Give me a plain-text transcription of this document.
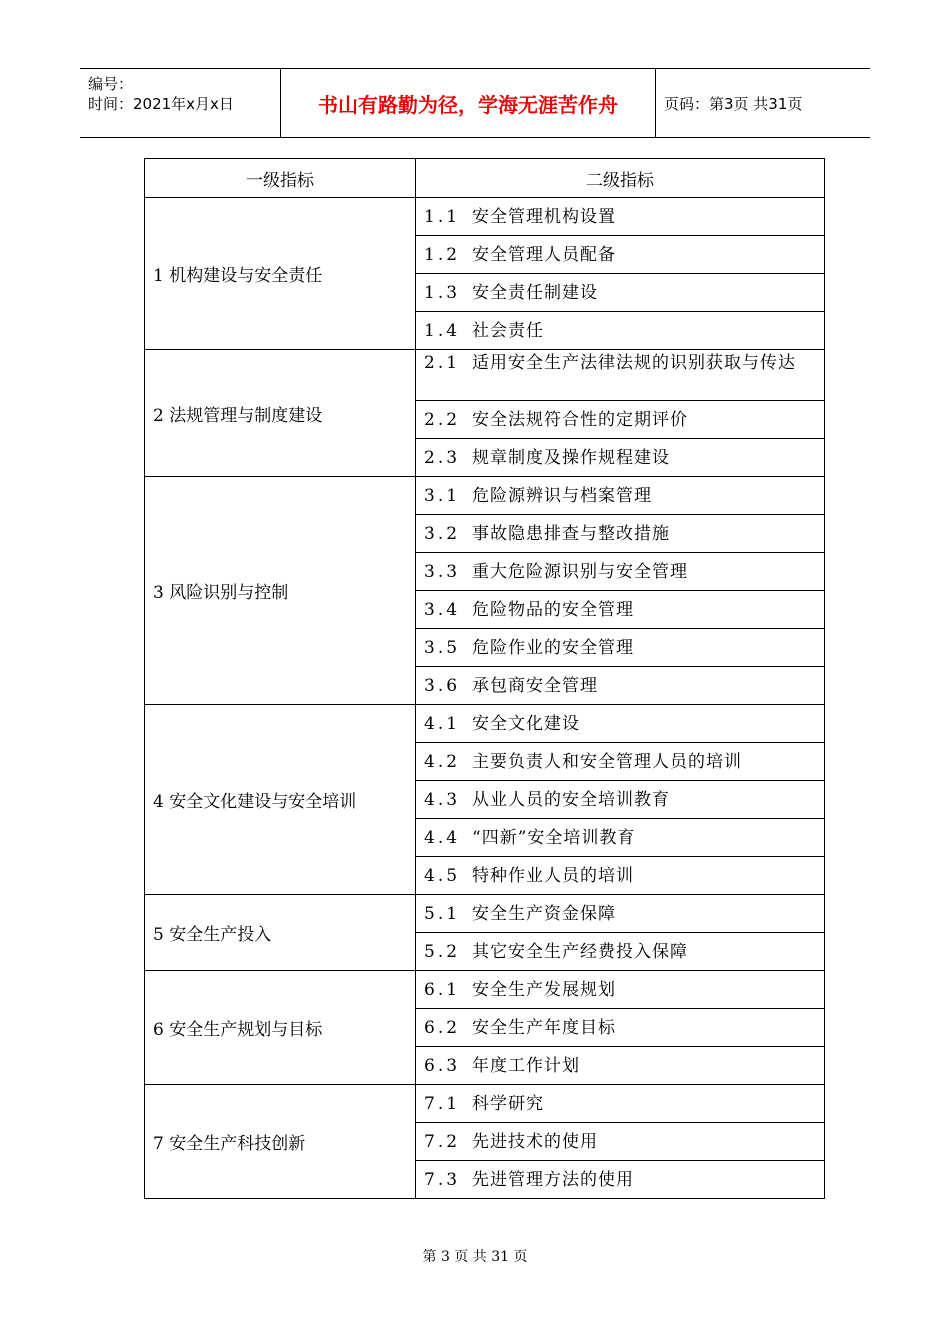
编号：
时间：2021年x月x日	书山有路勤为径，学海无涯苦作舟	页码：第3页 共31页
一级指标	二级指标
1 机构建设与安全责任	1.1 安全管理机构设置
	1.2 安全管理人员配备
	1.3 安全责任制建设
	1.4 社会责任
2 法规管理与制度建设	2.1 适用安全生产法律法规的识别获取与传达
	2.2 安全法规符合性的定期评价
	2.3 规章制度及操作规程建设
3 风险识别与控制	3.1 危险源辨识与档案管理
	3.2 事故隐患排查与整改措施
	3.3 重大危险源识别与安全管理
	3.4 危险物品的安全管理
	3.5 危险作业的安全管理
	3.6 承包商安全管理
4 安全文化建设与安全培训	4.1 安全文化建设
	4.2 主要负责人和安全管理人员的培训
	4.3 从业人员的安全培训教育
	4.4 “四新”安全培训教育
	4.5 特种作业人员的培训
5 安全生产投入	5.1 安全生产资金保障
	5.2 其它安全生产经费投入保障
6 安全生产规划与目标	6.1 安全生产发展规划
	6.2 安全生产年度目标
	6.3 年度工作计划
7 安全生产科技创新	7.1 科学研究
	7.2 先进技术的使用
	7.3 先进管理方法的使用
第 3 页 共 31 页
